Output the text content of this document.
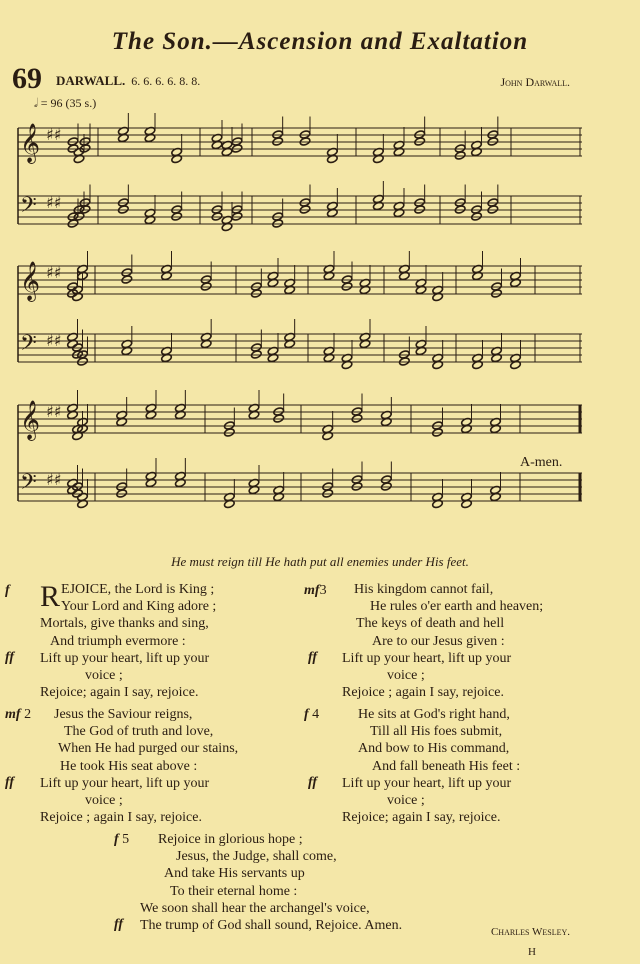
The Son.—Ascension and Exaltation
69 DARWALL. 6. 6. 6. 6. 8. 8.	John Darwall.
𝅗𝅥 = 96 (35 s.)
𝄞 ♯♯
𝄢 ♯♯
𝄞 ♯♯
𝄢 ♯♯
𝄞 ♯♯
𝄢 ♯♯
A-men.
He must reign till He hath put all enemies under His feet.
R EJOICE, the Lord is King ;
Your Lord and King adore ;
Mortals, give thanks and sing,
And triumph evermore :
Lift up your heart, lift up your
voice ;
Rejoice; again I say, rejoice.
f
ff
Jesus the Saviour reigns,
The God of truth and love,
When He had purged our stains,
He took His seat above :
Lift up your heart, lift up your
voice ;
Rejoice ; again I say, rejoice.
mf 2
ff
His kingdom cannot fail,
He rules o'er earth and heaven;
The keys of death and hell
Are to our Jesus given :
Lift up your heart, lift up your
voice ;
Rejoice ; again I say, rejoice.
mf3
ff
He sits at God's right hand,
Till all His foes submit,
And bow to His command,
And fall beneath His feet :
Lift up your heart, lift up your
voice ;
Rejoice; again I say, rejoice.
f 4
ff
Rejoice in glorious hope ;
Jesus, the Judge, shall come,
And take His servants up
To their eternal home :
We soon shall hear the archangel's voice,
The trump of God shall sound, Rejoice. Amen.
f 5
ff	Charles Wesley.
H
